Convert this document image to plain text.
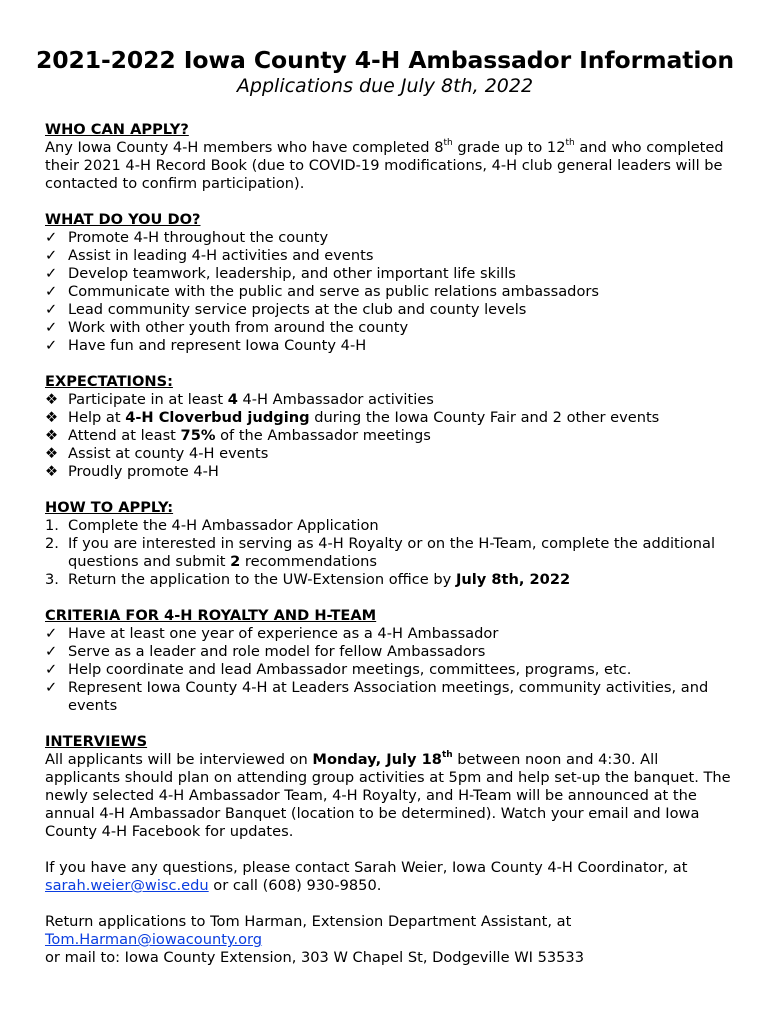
2021-2022 Iowa County 4-H Ambassador Information
Applications due July 8th, 2022

WHO CAN APPLY?

Any Iowa County 4-H members who have completed 8th grade up to 12th and who completed their 2021 4-H Record Book (due to COVID-19 modifications, 4-H club general leaders will be contacted to confirm participation).

WHAT DO YOU DO?

✓ Promote 4-H throughout the county
✓ Assist in leading 4-H activities and events
✓ Develop teamwork, leadership, and other important life skills
✓ Communicate with the public and serve as public relations ambassadors
✓ Lead community service projects at the club and county levels
✓ Work with other youth from around the county
✓ Have fun and represent Iowa County 4-H

EXPECTATIONS:

❖ Participate in at least 4 4-H Ambassador activities
❖ Help at 4-H Cloverbud judging during the Iowa County Fair and 2 other events
❖ Attend at least 75% of the Ambassador meetings
❖ Assist at county 4-H events
❖ Proudly promote 4-H

HOW TO APPLY:

1. Complete the 4-H Ambassador Application
2. If you are interested in serving as 4-H Royalty or on the H-Team, complete the additional questions and submit 2 recommendations
3. Return the application to the UW-Extension office by July 8th, 2022

CRITERIA FOR 4-H ROYALTY AND H-TEAM

✓ Have at least one year of experience as a 4-H Ambassador
✓ Serve as a leader and role model for fellow Ambassadors
✓ Help coordinate and lead Ambassador meetings, committees, programs, etc.
✓ Represent Iowa County 4-H at Leaders Association meetings, community activities, and events

INTERVIEWS

All applicants will be interviewed on Monday, July 18th between noon and 4:30. All applicants should plan on attending group activities at 5pm and help set-up the banquet. The newly selected 4-H Ambassador Team, 4-H Royalty, and H-Team will be announced at the annual 4-H Ambassador Banquet (location to be determined). Watch your email and Iowa County 4-H Facebook for updates.

If you have any questions, please contact Sarah Weier, Iowa County 4-H Coordinator, at sarah.weier@wisc.edu or call (608) 930-9850.

Return applications to Tom Harman, Extension Department Assistant, at
Tom.Harman@iowacounty.org

or mail to: Iowa County Extension, 303 W Chapel St, Dodgeville WI 53533
